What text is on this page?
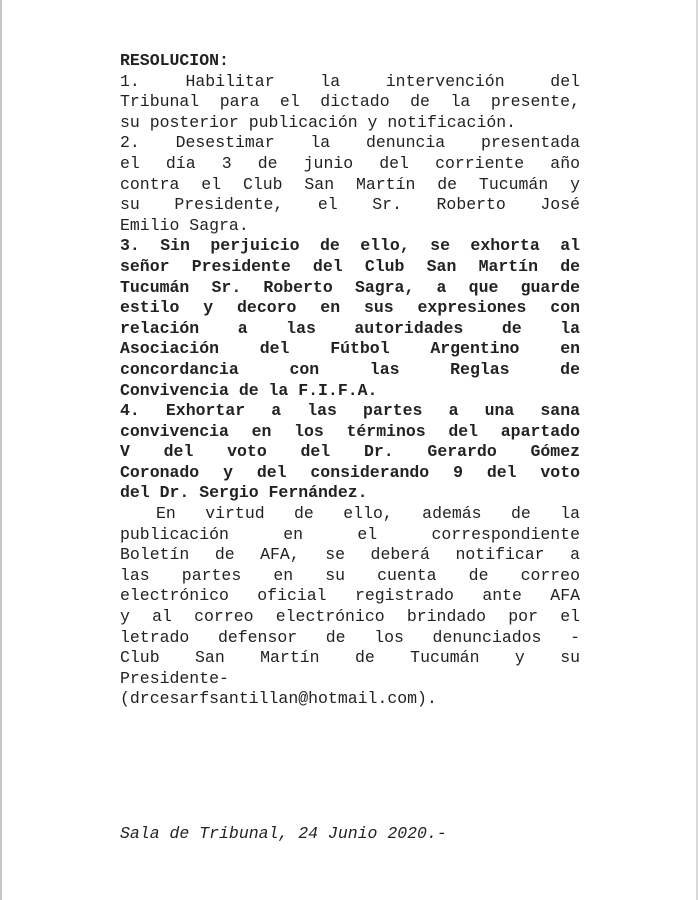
RESOLUCION:

1. Habilitar la intervención del
Tribunal para el dictado de la presente,
su posterior publicación y notificación.

2. Desestimar la denuncia presentada
el día 3 de junio del corriente año
contra el Club San Martín de Tucumán y
su Presidente, el Sr. Roberto José
Emilio Sagra.

3. Sin perjuicio de ello, se exhorta al
señor Presidente del Club San Martín de
Tucumán Sr. Roberto Sagra, a que guarde
estilo y decoro en sus expresiones con
relación a las autoridades de la
Asociación del Fútbol Argentino en
concordancia con las Reglas de
Convivencia de la F.I.F.A.

4. Exhortar a las partes a una sana
convivencia en los términos del apartado
V del voto del Dr. Gerardo Gómez
Coronado y del considerando 9 del voto
del Dr. Sergio Fernández.

En virtud de ello, además de la
publicación en el correspondiente
Boletín de AFA, se deberá notificar a
las partes en su cuenta de correo
electrónico oficial registrado ante AFA
y al correo electrónico brindado por el
letrado defensor de los denunciados -
Club San Martín de Tucumán y su
Presidente-
(drcesarfsantillan@hotmail.com).

Sala de Tribunal, 24 Junio 2020.-
